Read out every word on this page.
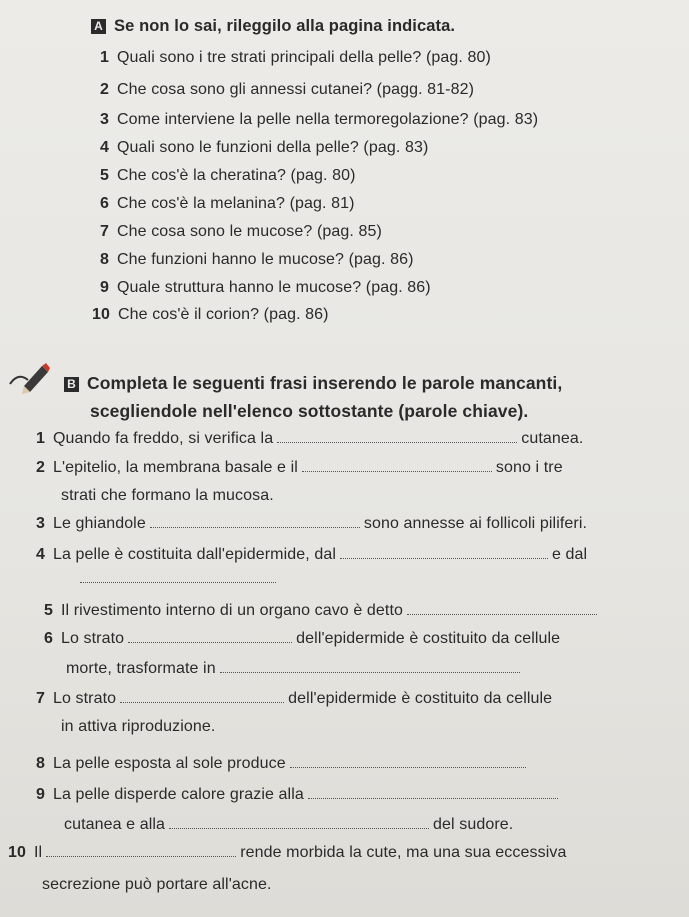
A Se non lo sai, rileggilo alla pagina indicata.
1 Quali sono i tre strati principali della pelle? (pag. 80)
2 Che cosa sono gli annessi cutanei? (pagg. 81-82)
3 Come interviene la pelle nella termoregolazione? (pag. 83)
4 Quali sono le funzioni della pelle? (pag. 83)
5 Che cos'è la cheratina? (pag. 80)
6 Che cos'è la melanina? (pag. 81)
7 Che cosa sono le mucose? (pag. 85)
8 Che funzioni hanno le mucose? (pag. 86)
9 Quale struttura hanno le mucose? (pag. 86)
10 Che cos'è il corion? (pag. 86)
B Completa le seguenti frasi inserendo le parole mancanti,
scegliendole nell'elenco sottostante (parole chiave).
1 Quando fa freddo, si verifica la	cutanea.
2 L'epitelio, la membrana basale e il	sono i tre
strati che formano la mucosa.
3 Le ghiandole	sono annesse ai follicoli piliferi.
4 La pelle è costituita dall'epidermide, dal	e dal
5 Il rivestimento interno di un organo cavo è detto
6 Lo strato	dell'epidermide è costituito da cellule
morte, trasformate in
7 Lo strato	dell'epidermide è costituito da cellule
in attiva riproduzione.
8 La pelle esposta al sole produce
9 La pelle disperde calore grazie alla
cutanea e alla	del sudore.
10 Il	rende morbida la cute, ma una sua eccessiva
secrezione può portare all'acne.
